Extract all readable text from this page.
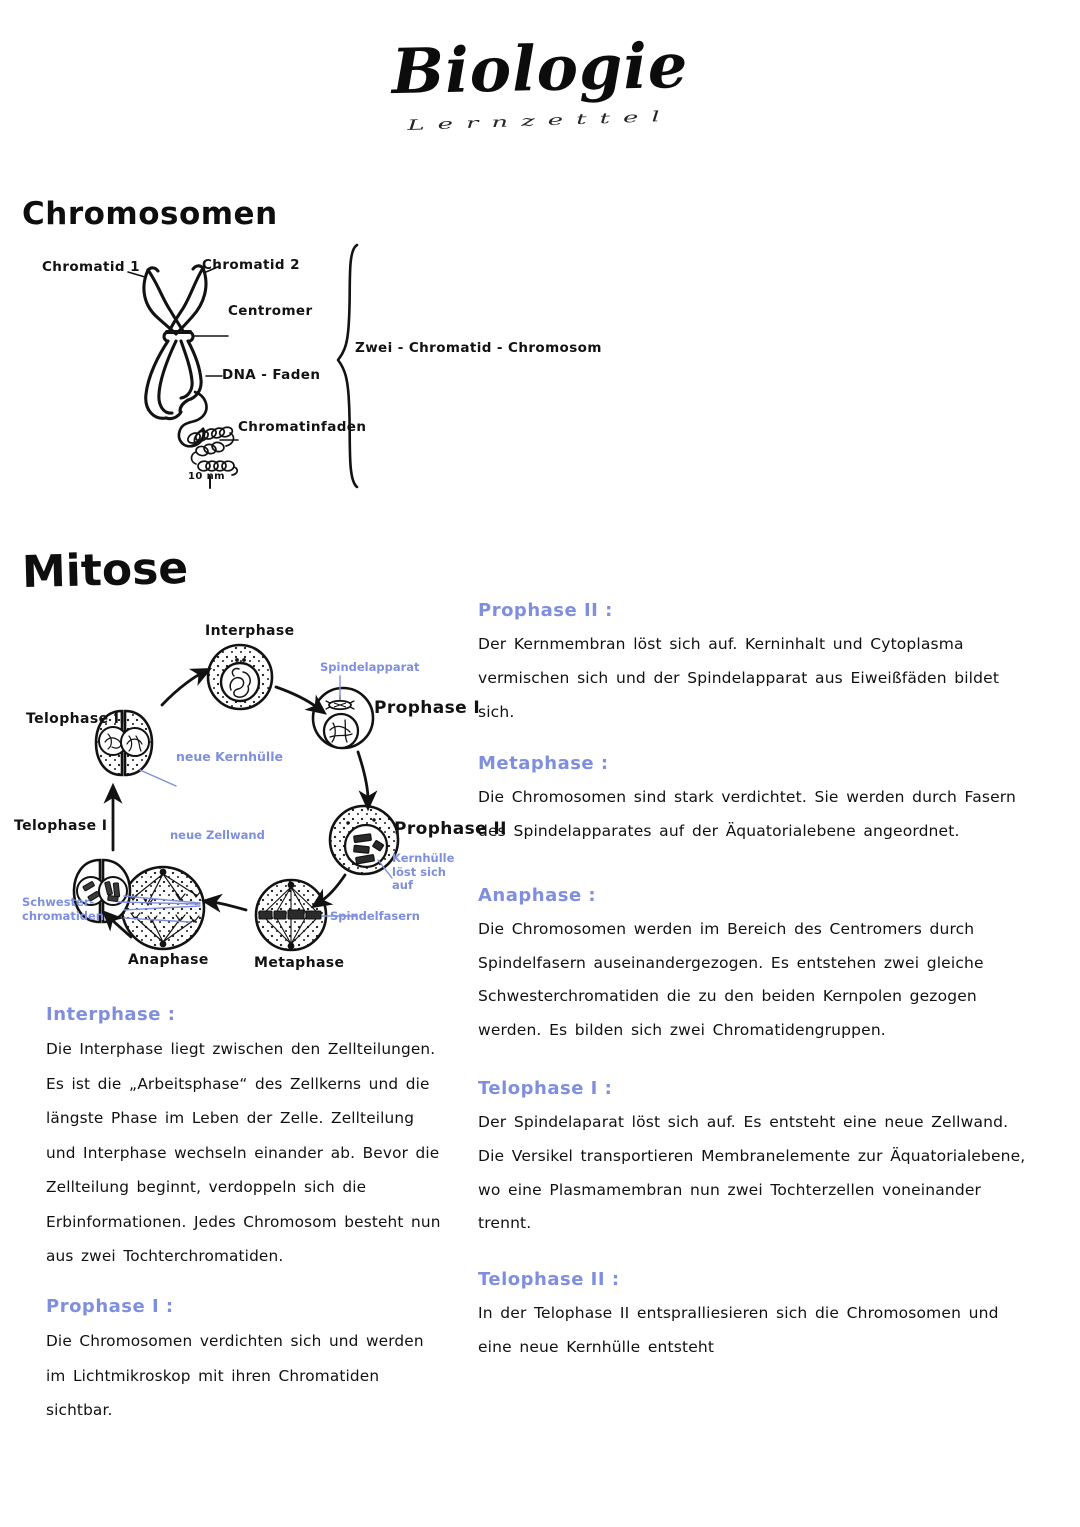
Biologie
Lernzettel
Chromosomen
Chromatid 1	Chromatid 2
Centromer
DNA - Faden
Chromatinfaden
10 nm
Zwei - Chromatid - Chromosom
Mitose
Interphase
Prophase I
Prophase II
Metaphase
Anaphase
Telophase I
Telophase II
Spindelapparat
Kernhülle
löst sich
auf
Spindelfasern
Schwester-
chromatiden
neue Zellwand
neue Kernhülle
Interphase :
Die Interphase liegt zwischen den Zellteilungen. Es ist die „Arbeitsphase“ des Zellkerns und die längste Phase im Leben der Zelle. Zellteilung und Interphase wechseln einander ab. Bevor die Zellteilung beginnt, verdoppeln sich die Erbinformationen. Jedes Chromosom besteht nun aus zwei Tochterchromatiden.
Prophase I :
Die Chromosomen verdichten sich und werden im Lichtmikroskop mit ihren Chromatiden sichtbar.
Prophase II :
Der Kernmembran löst sich auf. Kerninhalt und Cytoplasma vermischen sich und der Spindelapparat aus Eiweißfäden bildet sich.
Metaphase :
Die Chromosomen sind stark verdichtet. Sie werden durch Fasern des Spindelapparates auf der Äquatorialebene angeordnet.
Anaphase :
Die Chromosomen werden im Bereich des Centromers durch Spindelfasern auseinandergezogen. Es entstehen zwei gleiche Schwesterchromatiden die zu den beiden Kernpolen gezogen werden. Es bilden sich zwei Chromatidengruppen.
Telophase I :
Der Spindelaparat löst sich auf. Es entsteht eine neue Zellwand. Die Versikel transportieren Membranelemente zur Äquatorialebene, wo eine Plasmamembran nun zwei Tochterzellen voneinander trennt.
Telophase II :
In der Telophase II entspralliesieren sich die Chromosomen und eine neue Kernhülle entsteht
